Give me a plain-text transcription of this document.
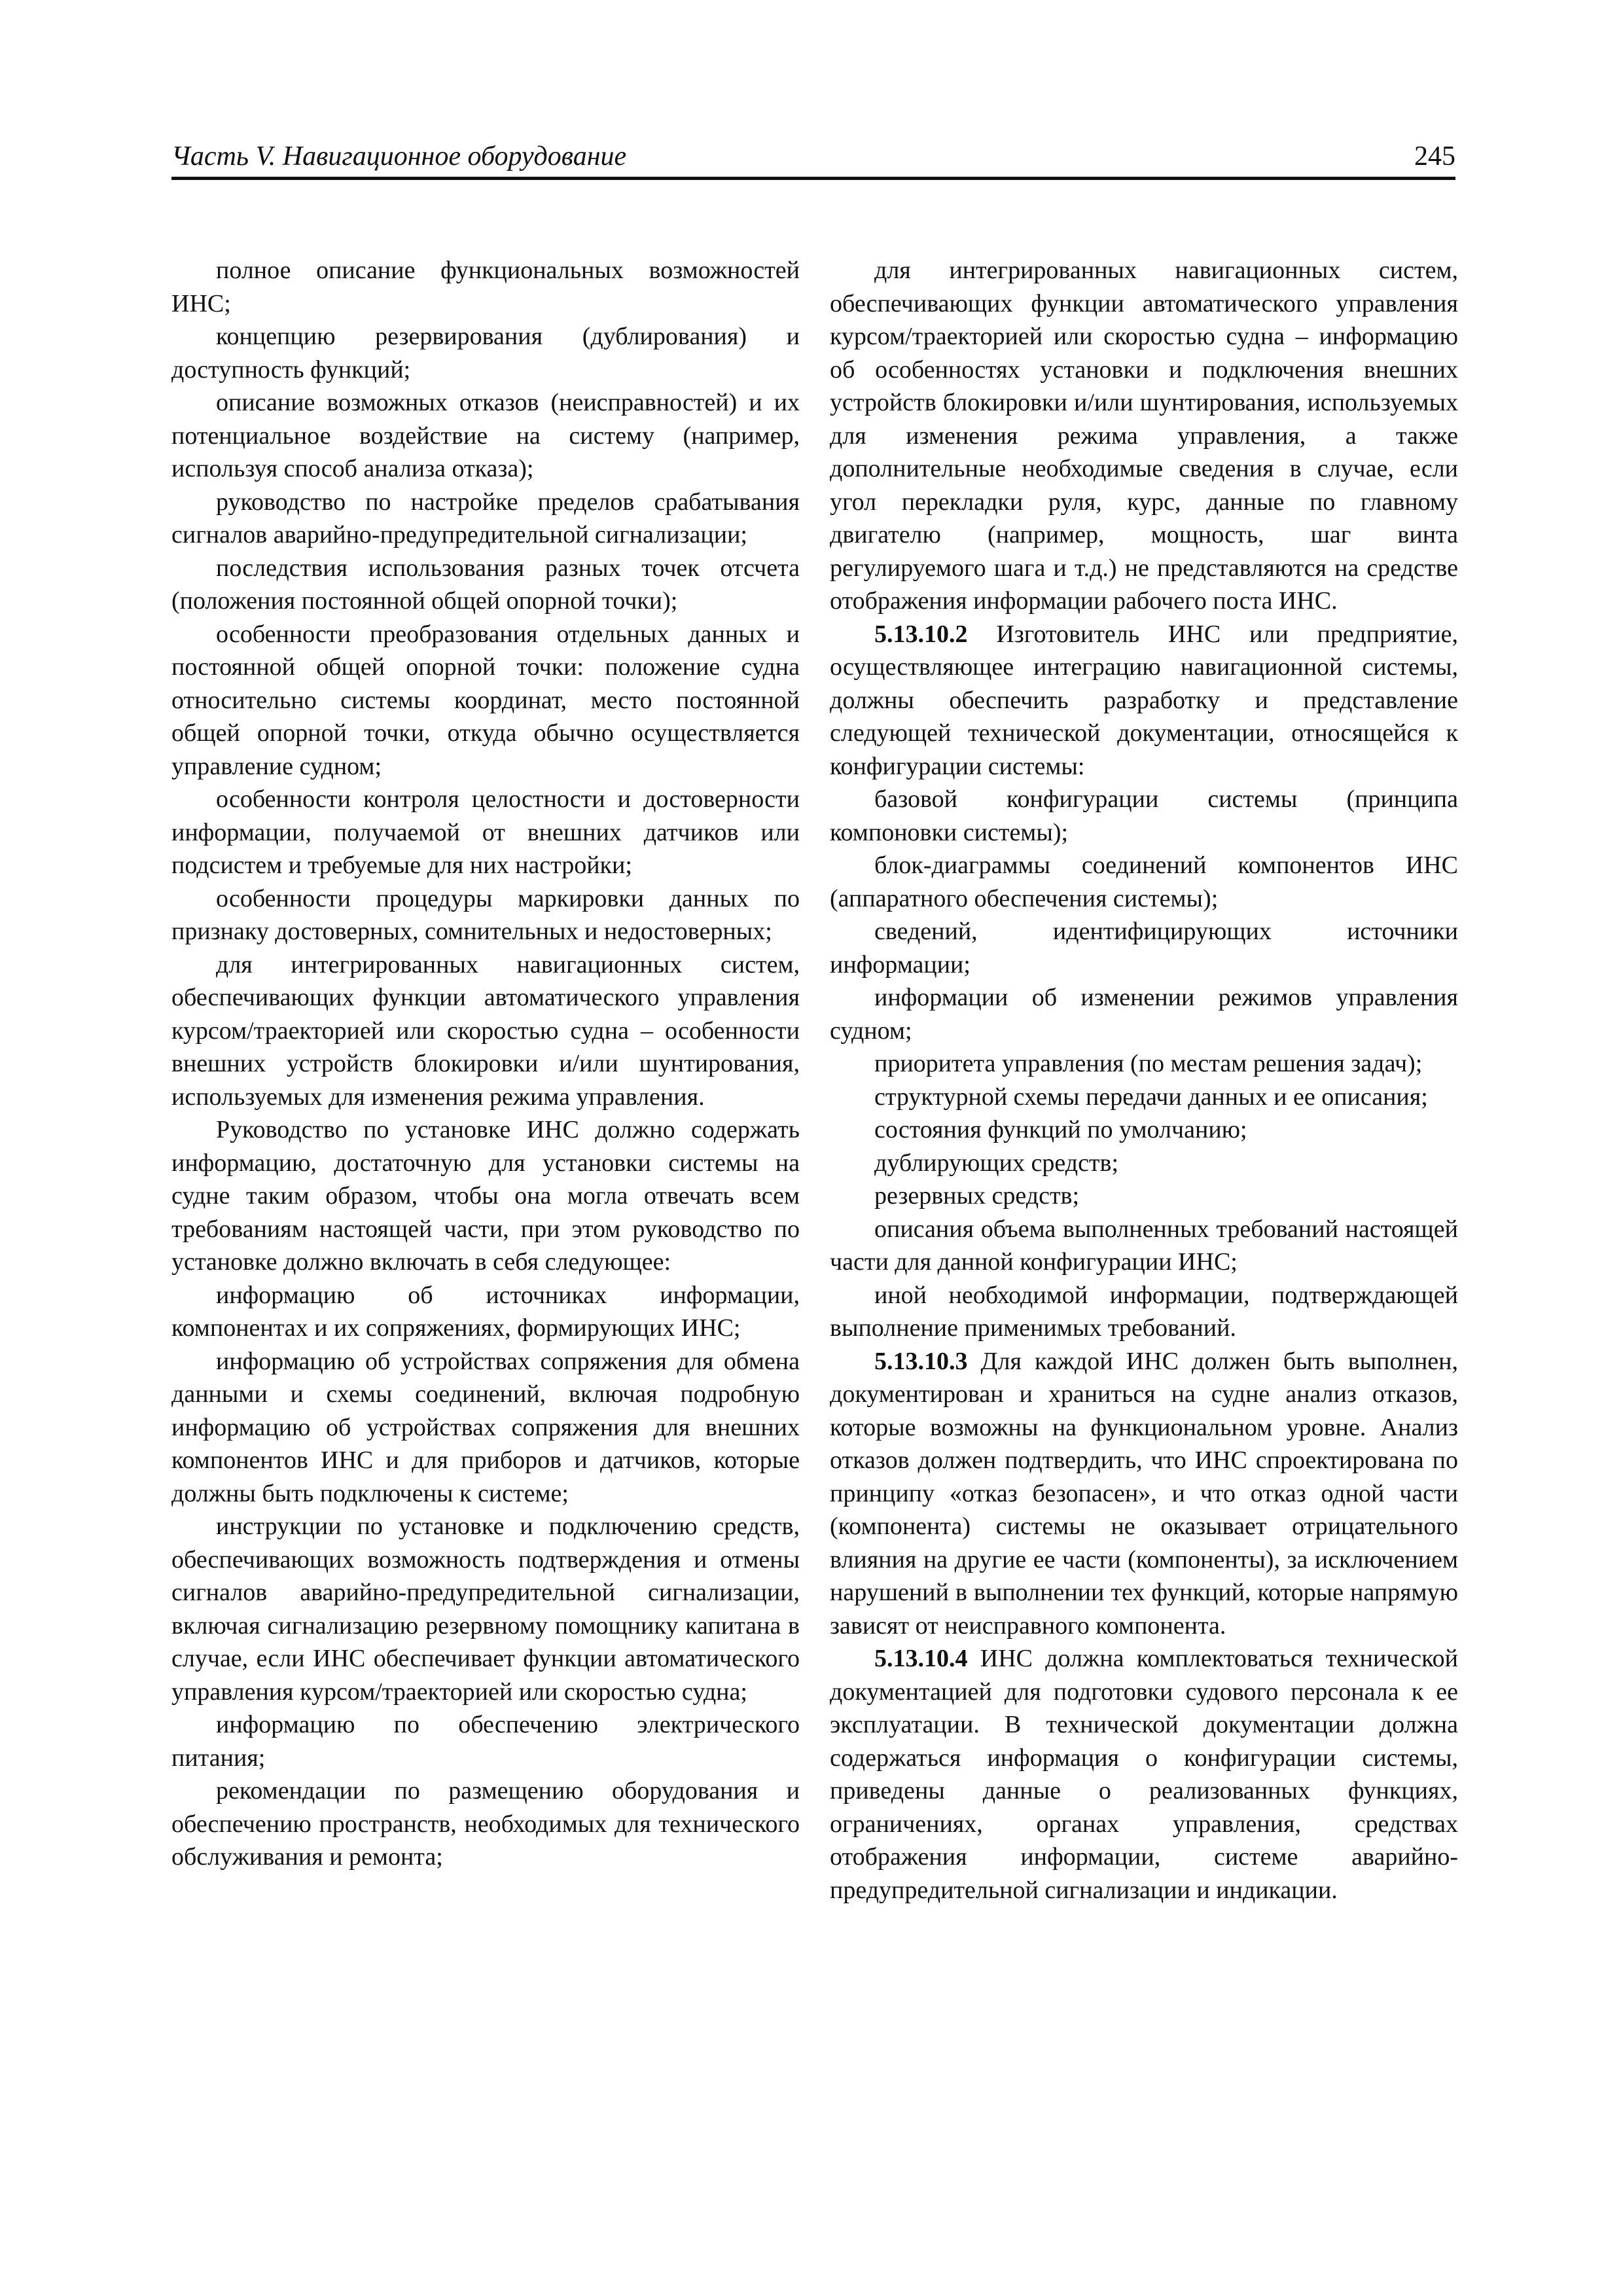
Часть V. Навигационное оборудование	245

полное описание функциональных возможностей ИНС;

концепцию резервирования (дублирования) и доступность функций;

описание возможных отказов (неисправностей) и их потенциальное воздействие на систему (например, используя способ анализа отказа);

руководство по настройке пределов срабатывания сигналов аварийно-предупредительной сигнализации;

последствия использования разных точек отсчета (положения постоянной общей опорной точки);

особенности преобразования отдельных данных и постоянной общей опорной точки: положение судна относительно системы координат, место постоянной общей опорной точки, откуда обычно осуществляется управление судном;

особенности контроля целостности и достоверности информации, получаемой от внешних датчиков или подсистем и требуемые для них настройки;

особенности процедуры маркировки данных по признаку достоверных, сомнительных и недостоверных;

для интегрированных навигационных систем, обеспечивающих функции автоматического управления курсом/траекторией или скоростью судна – особенности внешних устройств блокировки и/или шунтирования, используемых для изменения режима управления.

Руководство по установке ИНС должно содержать информацию, достаточную для установки системы на судне таким образом, чтобы она могла отвечать всем требованиям настоящей части, при этом руководство по установке должно включать в себя следующее:

информацию об источниках информации, компонентах и их сопряжениях, формирующих ИНС;

информацию об устройствах сопряжения для обмена данными и схемы соединений, включая подробную информацию об устройствах сопряжения для внешних компонентов ИНС и для приборов и датчиков, которые должны быть подключены к системе;

инструкции по установке и подключению средств, обеспечивающих возможность подтверждения и отмены сигналов аварийно-предупредительной сигнализации, включая сигнализацию резервному помощнику капитана в случае, если ИНС обеспечивает функции автоматического управления курсом/траекторией или скоростью судна;

информацию по обеспечению электрического питания;

рекомендации по размещению оборудования и обеспечению пространств, необходимых для технического обслуживания и ремонта;

для интегрированных навигационных систем, обеспечивающих функции автоматического управления курсом/траекторией или скоростью судна – информацию об особенностях установки и подключения внешних устройств блокировки и/или шунтирования, используемых для изменения режима управления, а также дополнительные необходимые сведения в случае, если угол перекладки руля, курс, данные по главному двигателю (например, мощность, шаг винта регулируемого шага и т.д.) не представляются на средстве отображения информации рабочего поста ИНС.

5.13.10.2 Изготовитель ИНС или предприятие, осуществляющее интеграцию навигационной системы, должны обеспечить разработку и представление следующей технической документации, относящейся к конфигурации системы:

базовой конфигурации системы (принципа компоновки системы);

блок-диаграммы соединений компонентов ИНС (аппаратного обеспечения системы);

сведений, идентифицирующих источники информации;

информации об изменении режимов управления судном;

приоритета управления (по местам решения задач);

структурной схемы передачи данных и ее описания;

состояния функций по умолчанию;

дублирующих средств;

резервных средств;

описания объема выполненных требований настоящей части для данной конфигурации ИНС;

иной необходимой информации, подтверждающей выполнение применимых требований.

5.13.10.3 Для каждой ИНС должен быть выполнен, документирован и храниться на судне анализ отказов, которые возможны на функциональном уровне. Анализ отказов должен подтвердить, что ИНС спроектирована по принципу «отказ безопасен», и что отказ одной части (компонента) системы не оказывает отрицательного влияния на другие ее части (компоненты), за исключением нарушений в выполнении тех функций, которые напрямую зависят от неисправного компонента.

5.13.10.4 ИНС должна комплектоваться технической документацией для подготовки судового персонала к ее эксплуатации. В технической документации должна содержаться информация о конфигурации системы, приведены данные о реализованных функциях, ограничениях, органах управления, средствах отображения информации, системе аварийно-предупредительной сигнализации и индикации.
